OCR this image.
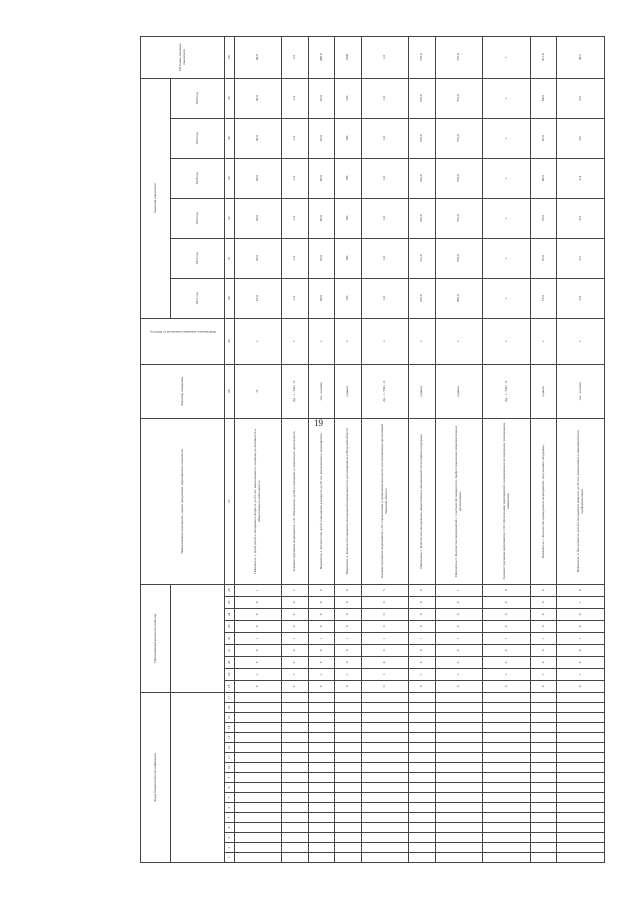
19
Коды бюджетной классификации																	Программный аналитический код									Наименование программы, задачи программы, мероприятия, показателя	Единица измерения	Фактическое значение показателя за 2020 год	Значения показателя						Итоговое значение показателя	
																													2021 год	2022 год	2023 год	2024 год	2025 год	2026 год		
1	2	3	4	5	6	7	8	9	10	11	12	13	14	15	16	17	18	19	20	21	22	23	24	25	26	27	28	29	30	31	32	33	34	35	36	
																	0	1	4	0	1	0	0	0	1	Показатель 1. Доля детей и молодежи в возрасте до 35 лет, вовлеченных в социальную активность и общественную деятельность	%	x	23,0	28,0	34,0	38,0	39,0	39,0	40,0	
																	0	1	4	0	1	0	0	0	2	Административное мероприятие 1.01. Вовлечение детей и молодежи в социальную деятельность	Да - 1 / Нет - 0	x	1,0	1,0	1,0	1,0	1,0	1,0	1,0	
																	0	1	4	0	1	0	0	0	3	Показатель 1. Количество детей и молодежи в возрасте до 35 лет, вовлеченных в мероприятия	тыс. человек	x	58,0	70,0	85,0	90,0	95,0	95,0	499,0	
																	0	1	4	0	1	0	0	0	4	Показатель 2. Количество проектов молодежной направленности, реализованных в Тверской области	единиц	x	120	140	160	180	200	220	1020	
																	0	1	4	0	1	0	0	0	5	Административное мероприятие 1.02. Организация и проведение конкурсов для молодежных организаций Тверской области	Да - 1 / Нет - 0	x	1,0	1,0	1,0	1,0	1,0	1,0	1,0	
																	0	1	4	0	1	0	0	0	6	Показатель 1. Количество молодежных общественных объединений, получивших поддержку	единиц	x	479,0	515,0	535,0	555,0	570,0	570,0	555,0	
																	0	1	4	0	1	0	0	0	7	Показатель 2. Количество мероприятий с участием обучающихся в профессиональных образовательных организациях	единиц	x	499,0	520,0	555,0	570,0	575,0	575,0	555,0	
																	0	1	4	0	1	0	0	0	8	Административное мероприятие 1.03. Организация мероприятий, направленных на поддержку молодежных инициатив	Да - 1 / Нет - 0	x	1	1	1	1	1	1	1	
																	0	1	4	0	1	0	0	0	9	Показатель 1. Количество проведенных мероприятий, получивших поддержку	единиц	x	73,0	76,0	78,0	80,0	82,0	84,0	471,0	
																	0	1	4	0	1	0	0	1	0	Показатель 2. Численность детей и молодежи в возрасте до 35 лет, вовлеченных в мероприятия по профориентации	тыс. человек	x	5,8	6,2	6,3	6,4	6,6	6,6	38,5	
